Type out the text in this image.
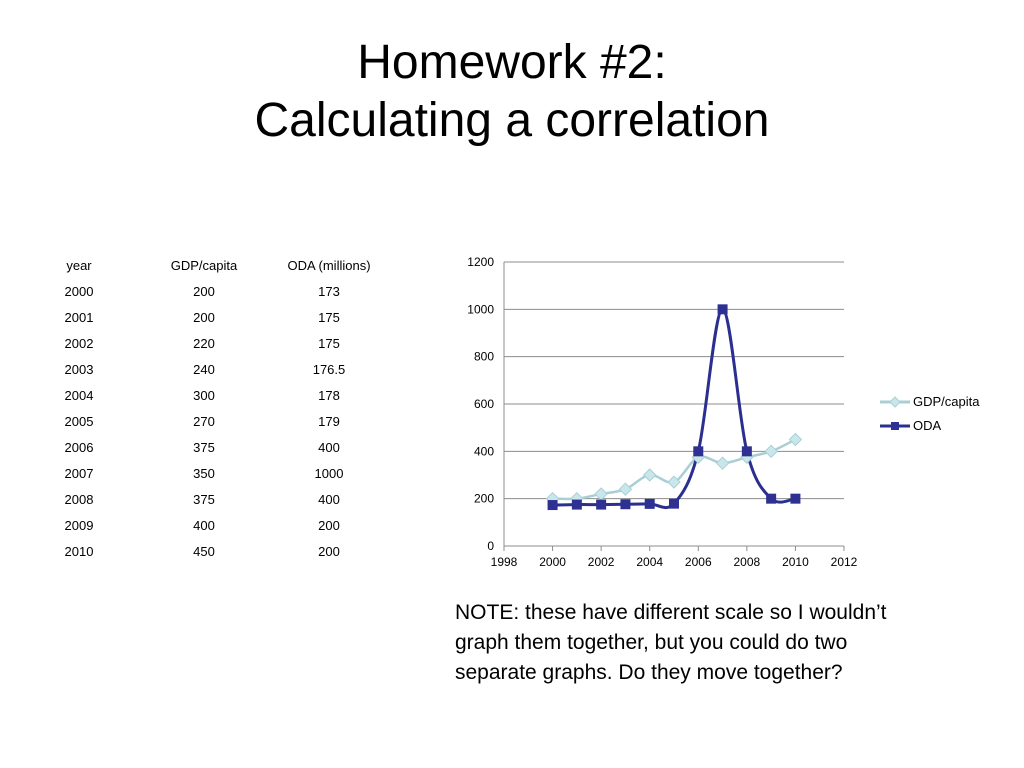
Homework #2:
Calculating a correlation
year	GDP/capita	ODA (millions)
2000	200	173
2001	200	175
2002	220	175
2003	240	176.5
2004	300	178
2005	270	179
2006	375	400
2007	350	1000
2008	375	400
2009	400	200
2010	450	200	0
200
400
600
800
1000
1200
1998 2000 2002 2004 2006 2008 2010 2012
GDP/capita
ODA
NOTE: these have different scale so I wouldn’t graph them together, but you could do two separate graphs. Do they move together?
